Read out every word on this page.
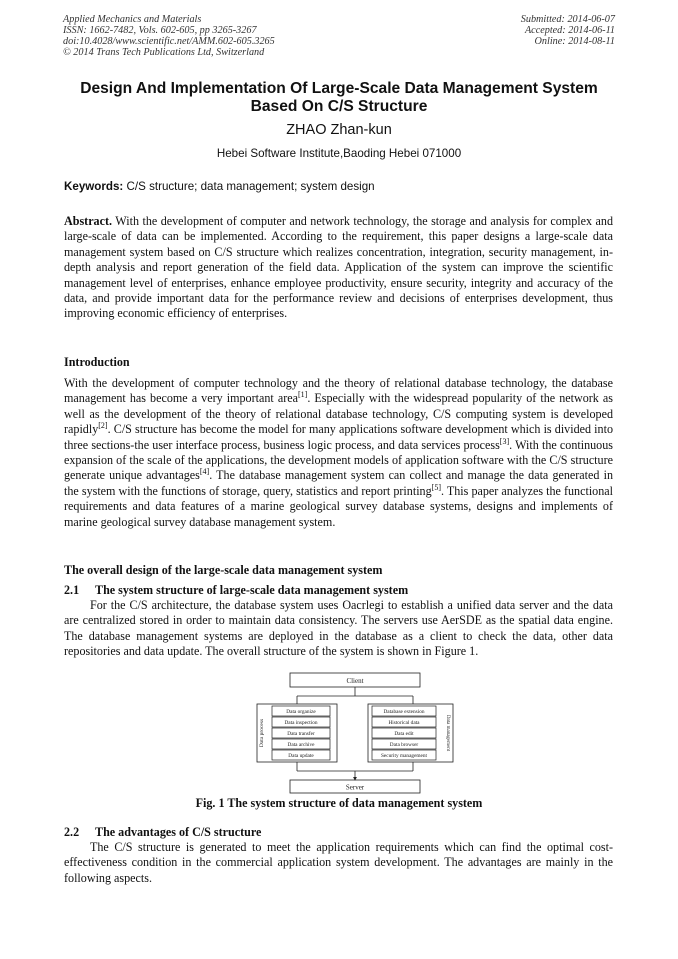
Applied Mechanics and Materials
ISSN: 1662-7482, Vols. 602-605, pp 3265-3267
doi:10.4028/www.scientific.net/AMM.602-605.3265
© 2014 Trans Tech Publications Ltd, Switzerland
Submitted: 2014-06-07
Accepted: 2014-06-11
Online: 2014-08-11
Design And Implementation Of Large-Scale Data Management System Based On C/S Structure
ZHAO Zhan-kun
Hebei Software Institute,Baoding Hebei 071000
Keywords: C/S structure; data management; system design
Abstract. With the development of computer and network technology, the storage and analysis for complex and large-scale of data can be implemented. According to the requirement, this paper designs a large-scale data management system based on C/S structure which realizes concentration, integration, security management, in-depth analysis and report generation of the field data. Application of the system can improve the scientific management level of enterprises, enhance employee productivity, ensure security, integrity and accuracy of the data, and provide important data for the performance review and decisions of enterprises development, thus improving economic efficiency of enterprises.
Introduction
With the development of computer technology and the theory of relational database technology, the database management has become a very important area[1]. Especially with the widespread popularity of the network as well as the development of the theory of relational database technology, C/S computing system is developed rapidly[2]. C/S structure has become the model for many applications software development which is divided into three sections-the user interface process, business logic process, and data services process[3]. With the continuous expansion of the scale of the applications, the development models of application software with the C/S structure generate unique advantages[4]. The database management system can collect and manage the data generated in the system with the functions of storage, query, statistics and report printing[5]. This paper analyzes the functional requirements and data features of a marine geological survey database systems, designs and implements of marine geological survey database management system.
The overall design of the large-scale data management system
2.1 The system structure of large-scale data management system
For the C/S architecture, the database system uses Oacrlegi to establish a unified data server and the data are centralized stored in order to maintain data consistency. The servers use AerSDE as the spatial data engine. The database management systems are deployed in the database as a client to check the data, other data repositories and data update. The overall structure of the system is shown in Figure 1.
Client
Data process
Data organize
Data inspection
Data transfer
Data archive
Data update
Data management
Database extension
Historical data
Data edit
Data browser
Security management
Server
Fig. 1 The system structure of data management system
2.2 The advantages of C/S structure
The C/S structure is generated to meet the application requirements which can find the optimal cost-effectiveness condition in the commercial application system development. The advantages are mainly in the following aspects.
